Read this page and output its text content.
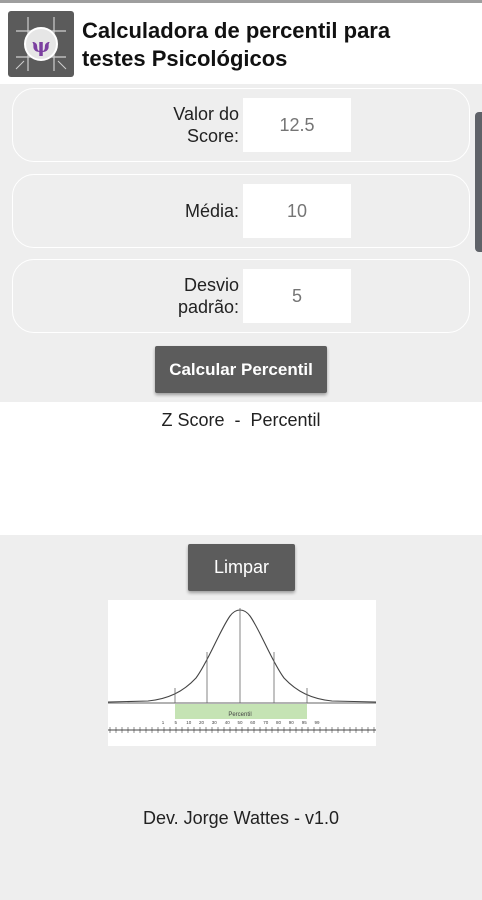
ψ
Calculadora de percentil para
testes Psicológicos
Valor do
Score:
12.5
Média:
10
Desvio
padrão:
5
Calcular Percentil
Z Score  -  Percentil
Limpar
Percentil
1 5 10 20 30 40 50 60 70 80 90 95 99
Dev. Jorge Wattes - v1.0
